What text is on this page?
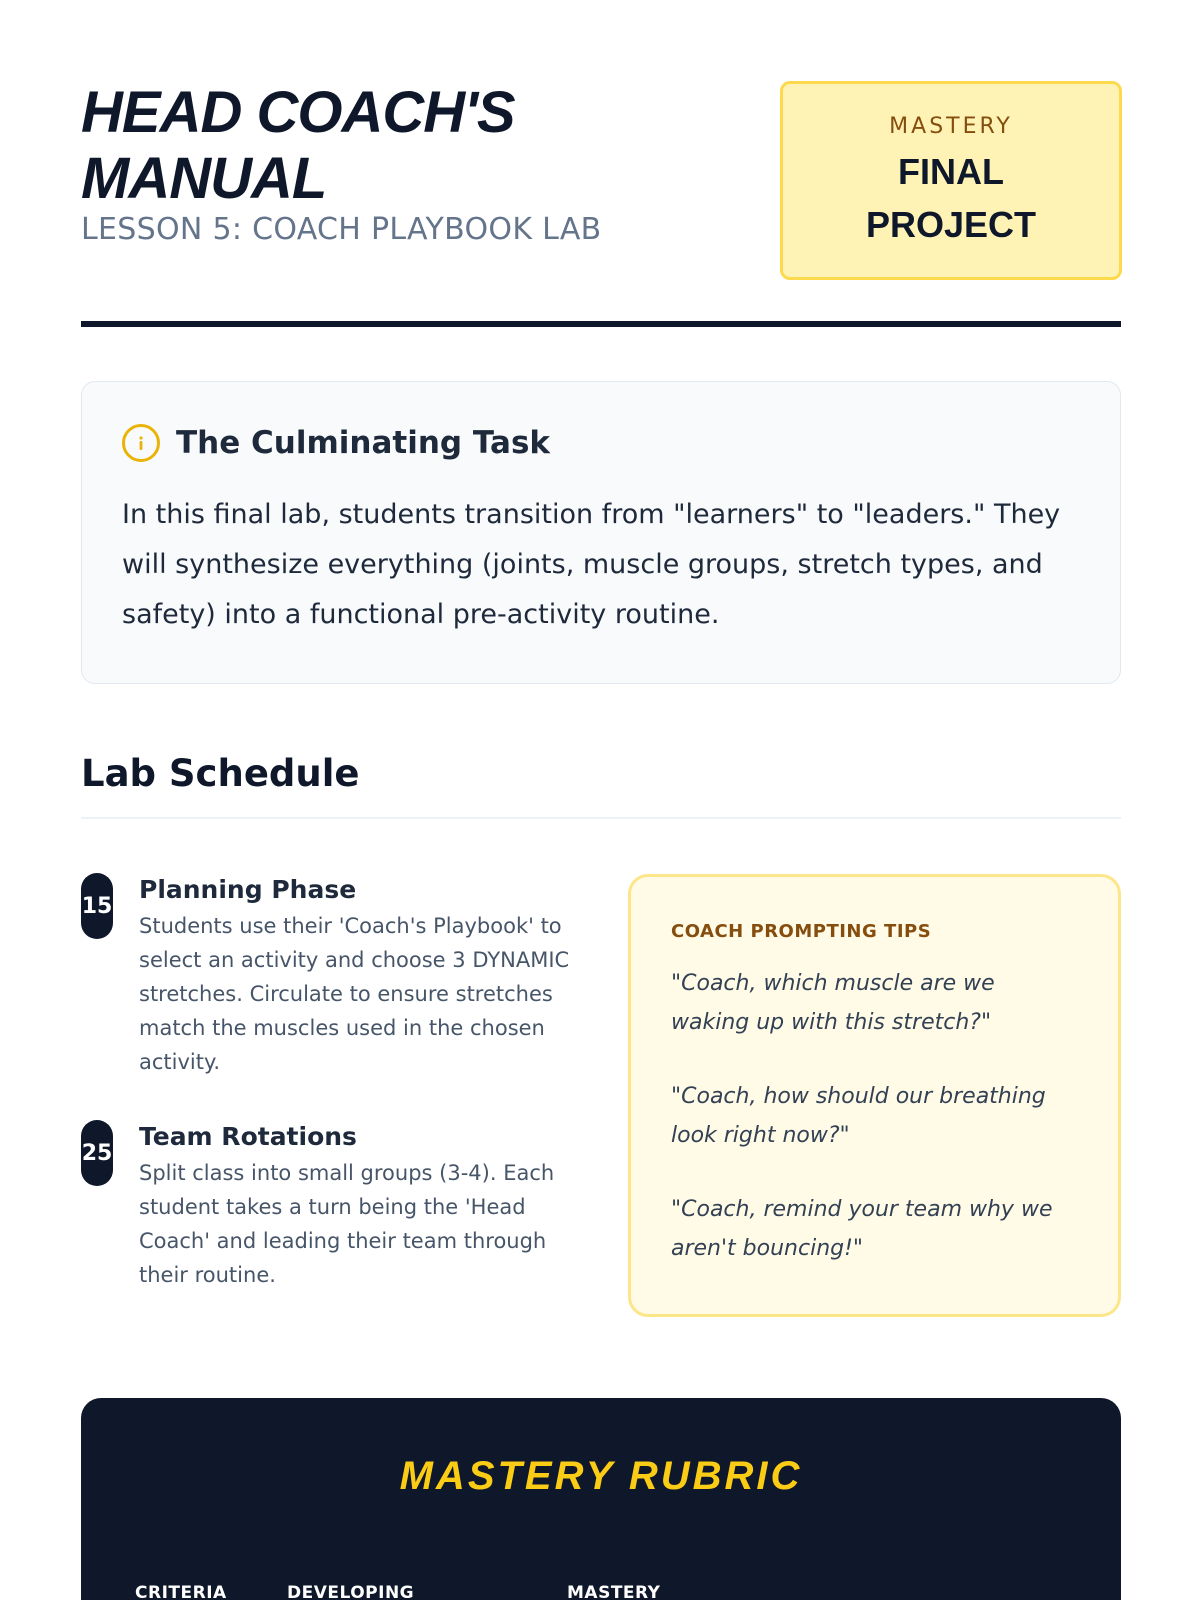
HEAD COACH'S
MANUAL
LESSON 5: COACH PLAYBOOK LAB
MASTERY
FINAL
PROJECT
The Culminating Task
In this final lab, students transition from "learners" to "leaders." They will synthesize everything (joints, muscle groups, stretch types, and safety) into a functional pre-activity routine.
Lab Schedule
15
Planning Phase
Students use their 'Coach's Playbook' to select an activity and choose 3 DYNAMIC stretches. Circulate to ensure stretches match the muscles used in the chosen activity.
25
Team Rotations
Split class into small groups (3-4). Each student takes a turn being the 'Head Coach' and leading their team through their routine.
COACH PROMPTING TIPS
"Coach, which muscle are we waking up with this stretch?"
"Coach, how should our breathing look right now?"
"Coach, remind your team why we aren't bouncing!"
MASTERY RUBRIC
CRITERIA	DEVELOPING	MASTERY
